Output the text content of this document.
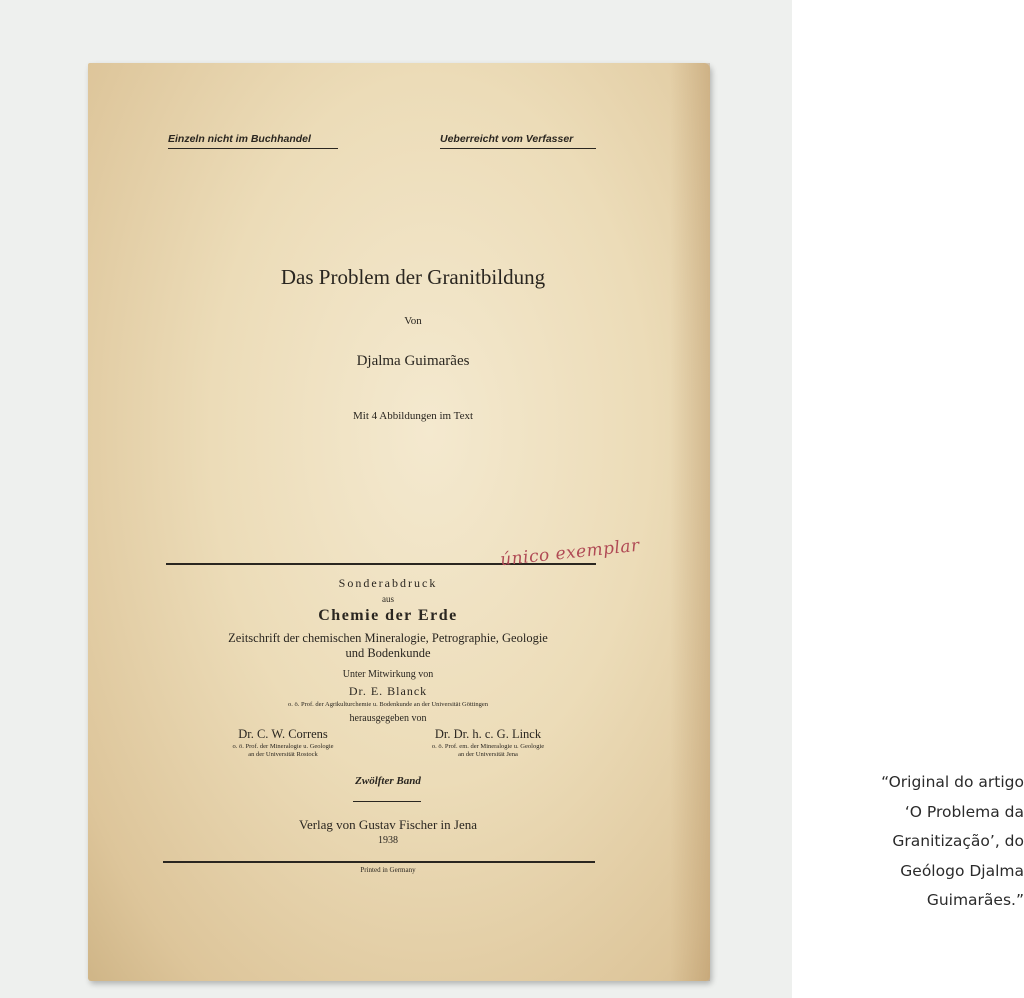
Einzeln nicht im Buchhandel	Ueberreicht vom Verfasser
Das Problem der Granitbildung
Von
Djalma Guimarães
Mit 4 Abbildungen im Text
único exemplar
Sonderabdruck
aus
Chemie der Erde
Zeitschrift der chemischen Mineralogie, Petrographie, Geologie
und Bodenkunde
Unter Mitwirkung von
Dr. E. Blanck
o. ö. Prof. der Agrikulturchemie u. Bodenkunde an der Universität Göttingen
herausgegeben von
Dr. C. W. Correns
o. ö. Prof. der Mineralogie u. Geologie
an der Universität Rostock
Dr. Dr. h. c. G. Linck
o. ö. Prof. em. der Mineralogie u. Geologie
an der Universität Jena
Zwölfter Band
Verlag von Gustav Fischer in Jena
1938
Printed in Germany
“Original do artigo
‘O Problema da
Granitização’, do
Geólogo Djalma
Guimarães.”
